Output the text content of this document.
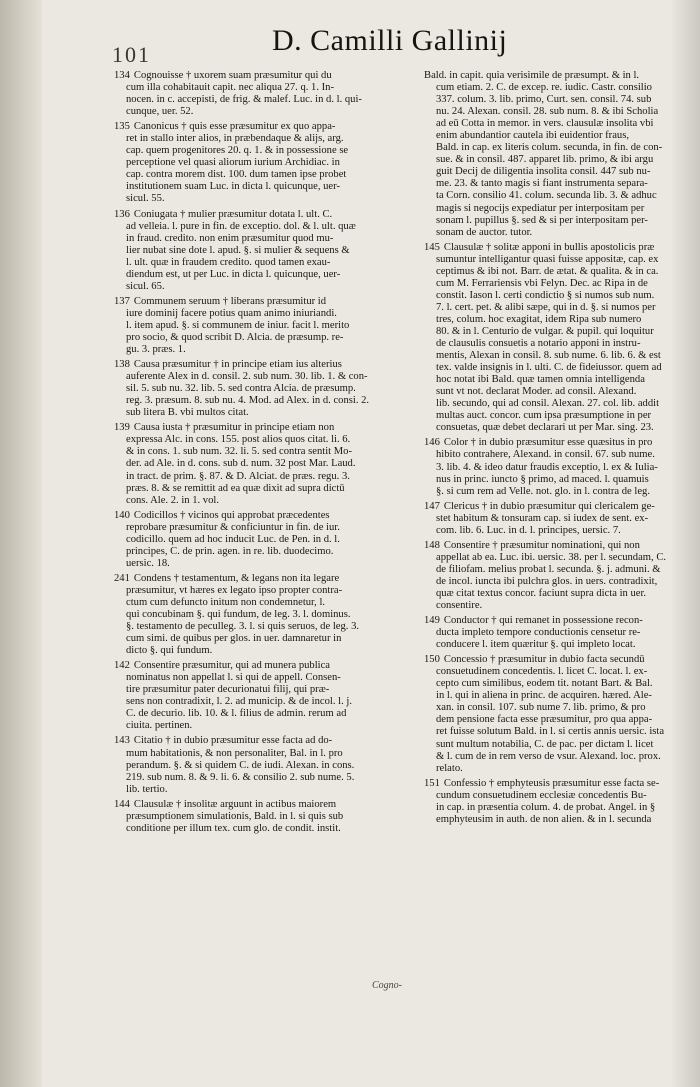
101	D. Camilli Gallinij
134 Cognouisse † uxorem suam præsumitur qui du
cum illa cohabitauit capit. nec aliqua 27. q. 1. In-
nocen. in c. accepisti, de frig. & malef. Luc. in d. l. qui-
cunque, uer. 52.
135 Canonicus † quis esse præsumitur ex quo appa-
ret in stallo inter alios, in præbendaque & alijs, arg.
cap. quem progenitores 20. q. 1. & in possessione se
perceptione vel quasi aliorum iurium Archidiac. in
cap. contra morem dist. 100. dum tamen ipse probet
institutionem suam Luc. in dicta l. quicunque, uer-
sicul. 55.
136 Coniugata † mulier præsumitur dotata l. ult. C.
ad velleia. l. pure in fin. de exceptio. dol. & l. ult. quæ
in fraud. credito. non enim præsumitur quod mu-
lier nubat sine dote l. apud. §. si mulier & sequens &
l. ult. quæ in fraudem credito. quod tamen exau-
diendum est, ut per Luc. in dicta l. quicunque, uer-
sicul. 65.
137 Communem seruum † liberans præsumitur id
iure dominij facere potius quam animo iniuriandi.
l. item apud. §. si communem de iniur. facit l. merito
pro socio, & quod scribit D. Alcia. de præsump. re-
gu. 3. præs. 1.
138 Causa præsumitur † in principe etiam ius alterius
auferente Alex in d. consil. 2. sub num. 30. lib. 1. & con-
sil. 5. sub nu. 32. lib. 5. sed contra Alcia. de præsump.
reg. 3. præsum. 8. sub nu. 4. Mod. ad Alex. in d. consi. 2.
sub litera B. vbi multos citat.
139 Causa iusta † præsumitur in principe etiam non
expressa Alc. in cons. 155. post alios quos citat. li. 6.
& in cons. 1. sub num. 32. li. 5. sed contra sentit Mo-
der. ad Ale. in d. cons. sub d. num. 32 post Mar. Laud.
in tract. de prim. §. 87. & D. Alciat. de præs. regu. 3.
præs. 8. & se remittit ad ea quæ dixit ad supra dictū
cons. Ale. 2. in 1. vol.
140 Codicillos † vicinos qui approbat præcedentes
reprobare præsumitur & conficiuntur in fin. de iur.
codicillo. quem ad hoc inducit Luc. de Pen. in d. l.
principes, C. de prin. agen. in re. lib. duodecimo.
uersic. 18.
241 Condens † testamentum, & legans non ita legare
præsumitur, vt hæres ex legato ipso propter contra-
ctum cum defuncto initum non condemnetur, l.
qui concubinam §. qui fundum, de leg. 3. l. dominus.
§. testamento de peculleg. 3. l. si quis seruos, de leg. 3.
cum simi. de quibus per glos. in uer. damnaretur in
dicto §. qui fundum.
142 Consentire præsumitur, qui ad munera publica
nominatus non appellat l. si qui de appell. Consen-
tire præsumitur pater decurionatui filij, qui præ-
sens non contradixit, l. 2. ad municip. & de incol. l. j.
C. de decurio. lib. 10. & l. filius de admin. rerum ad
ciuita. pertinen.
143 Citatio † in dubio præsumitur esse facta ad do-
mum habitationis, & non personaliter, Bal. in l. pro
perandum. §. & si quidem C. de iudi. Alexan. in cons.
219. sub num. 8. & 9. li. 6. & consilio 2. sub nume. 5.
lib. tertio.
144 Clausulæ † insolitæ arguunt in actibus maiorem
præsumptionem simulationis, Bald. in l. si quis sub
conditione per illum tex. cum glo. de condit. instit.
Bald. in capit. quia verisimile de præsumpt. & in l.
cum etiam. 2. C. de excep. re. iudic. Castr. consilio
337. colum. 3. lib. primo, Curt. sen. consil. 74. sub
nu. 24. Alexan. consil. 28. sub num. 8. & ibi Scholia
ad eū Cotta in memor. in vers. clausulæ insolita vbi
enim abundantior cautela ibi euidentior fraus,
Bald. in cap. ex literis colum. secunda, in fin. de con-
sue. & in consil. 487. apparet lib. primo, & ibi argu
guit Decij de diligentia insolita consil. 447 sub nu-
me. 23. & tanto magis si fiant instrumenta separa-
ta Corn. consilio 41. colum. secunda lib. 3. & adhuc
magis si negocijs expediatur per interpositam per
sonam l. pupillus §. sed & si per interpositam per-
sonam de auctor. tutor.
145 Clausulæ † solitæ apponi in bullis apostolicis præ
sumuntur intelligantur quasi fuisse appositæ, cap. ex
ceptimus & ibi not. Barr. de ætat. & qualita. & in ca.
cum M. Ferrariensis vbi Felyn. Dec. ac Ripa in de
constit. Iason l. certi condictio § si numos sub num.
7. l. cert. pet. & alibi sæpe, qui in d. §. si numos per
tres, colum. hoc exagitat, idem Ripa sub numero
80. & in l. Centurio de vulgar. & pupil. qui loquitur
de clausulis consuetis a notario apponi in instru-
mentis, Alexan in consil. 8. sub nume. 6. lib. 6. & est
tex. valde insignis in l. ulti. C. de fideiussor. quem ad
hoc notat ibi Bald. quæ tamen omnia intelligenda
sunt vt not. declarat Moder. ad consil. Alexand.
lib. secundo, qui ad consil. Alexan. 27. col. lib. addit
multas auct. concor. cum ipsa præsumptione in per
consuetas, quæ debet declarari ut per Mar. sing. 23.
146 Color † in dubio præsumitur esse quæsitus in pro
hibito contrahere, Alexand. in consil. 67. sub nume.
3. lib. 4. & ideo datur fraudis exceptio, l. ex & Iulia-
nus in princ. iuncto § primo, ad maced. l. quamuis
§. si cum rem ad Velle. not. glo. in l. contra de leg.
147 Clericus † in dubio præsumitur qui clericalem ge-
stet habitum & tonsuram cap. si iudex de sent. ex-
com. lib. 6. Luc. in d. l. principes, uersic. 7.
148 Consentire † præsumitur nominationi, qui non
appellat ab ea. Luc. ibi. uersic. 38. per l. secundam, C.
de filiofam. melius probat l. secunda. §. j. admuni. &
de incol. iuncta ibi pulchra glos. in uers. contradixit,
quæ citat textus concor. faciunt supra dicta in uer.
consentire.
149 Conductor † qui remanet in possessione recon-
ducta impleto tempore conductionis censetur re-
conducere l. item quæritur §. qui impleto locat.
150 Concessio † præsumitur in dubio facta secundū
consuetudinem concedentis. l. licet C. locat. l. ex-
cepto cum similibus, eodem tit. notant Bart. & Bal.
in l. qui in aliena in princ. de acquiren. hæred. Ale-
xan. in consil. 107. sub nume 7. lib. primo, & pro
dem pensione facta esse præsumitur, pro qua appa-
ret fuisse solutum Bald. in l. si certis annis uersic. ista
sunt multum notabilia, C. de pac. per dictam l. licet
& l. cum de in rem verso de vsur. Alexand. loc. prox.
relato.
151 Confessio † emphyteusis præsumitur esse facta se-
cundum consuetudinem ecclesiæ concedentis Bu-
in cap. in præsentia colum. 4. de probat. Angel. in §
emphyteusim in auth. de non alien. & in l. secunda
Cogno-
